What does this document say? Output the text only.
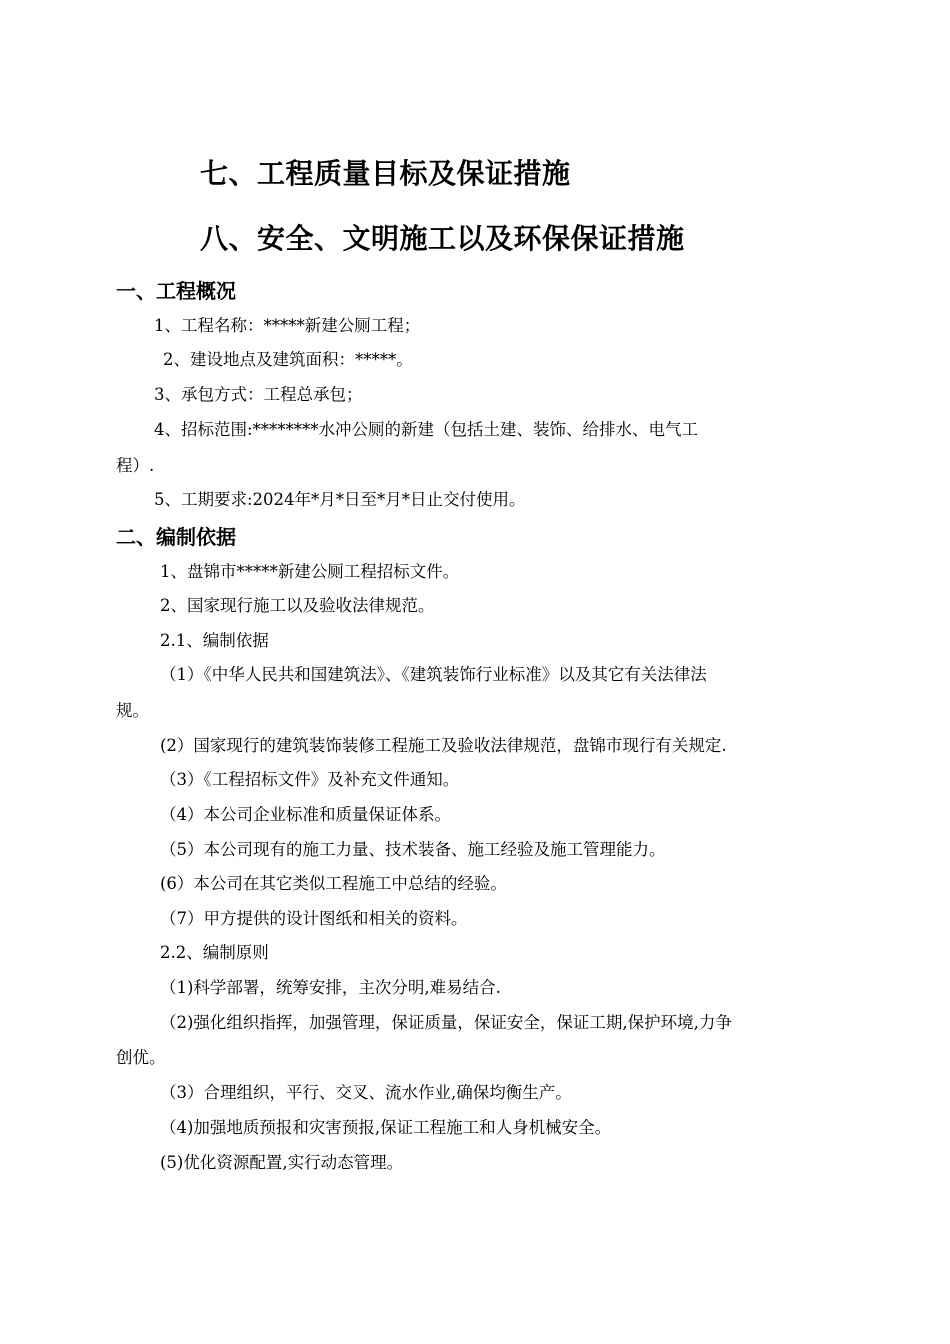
七、工程质量目标及保证措施
八、安全、文明施工以及环保保证措施
一、工程概况
1、工程名称：*****新建公厕工程；
2、建设地点及建筑面积：*****。
3、承包方式：工程总承包；
4、招标范围:********水冲公厕的新建（包括土建、装饰、给排水、电气工
程）.
5、工期要求:2024年*月*日至*月*日止交付使用。
二、编制依据
1、盘锦市*****新建公厕工程招标文件。
2、国家现行施工以及验收法律规范。
2.1、编制依据
（1）《中华人民共和国建筑法》、《建筑装饰行业标准》以及其它有关法律法
规。
(2）国家现行的建筑装饰装修工程施工及验收法律规范，盘锦市现行有关规定.
（3）《工程招标文件》及补充文件通知。
（4）本公司企业标准和质量保证体系。
（5）本公司现有的施工力量、技术装备、施工经验及施工管理能力。
(6）本公司在其它类似工程施工中总结的经验。
（7）甲方提供的设计图纸和相关的资料。
2.2、编制原则
（1)科学部署，统筹安排，主次分明,难易结合.
（2)强化组织指挥，加强管理，保证质量，保证安全，保证工期,保护环境,力争
创优。
（3）合理组织，平行、交叉、流水作业,确保均衡生产。
（4)加强地质预报和灾害预报,保证工程施工和人身机械安全。
(5)优化资源配置,实行动态管理。
